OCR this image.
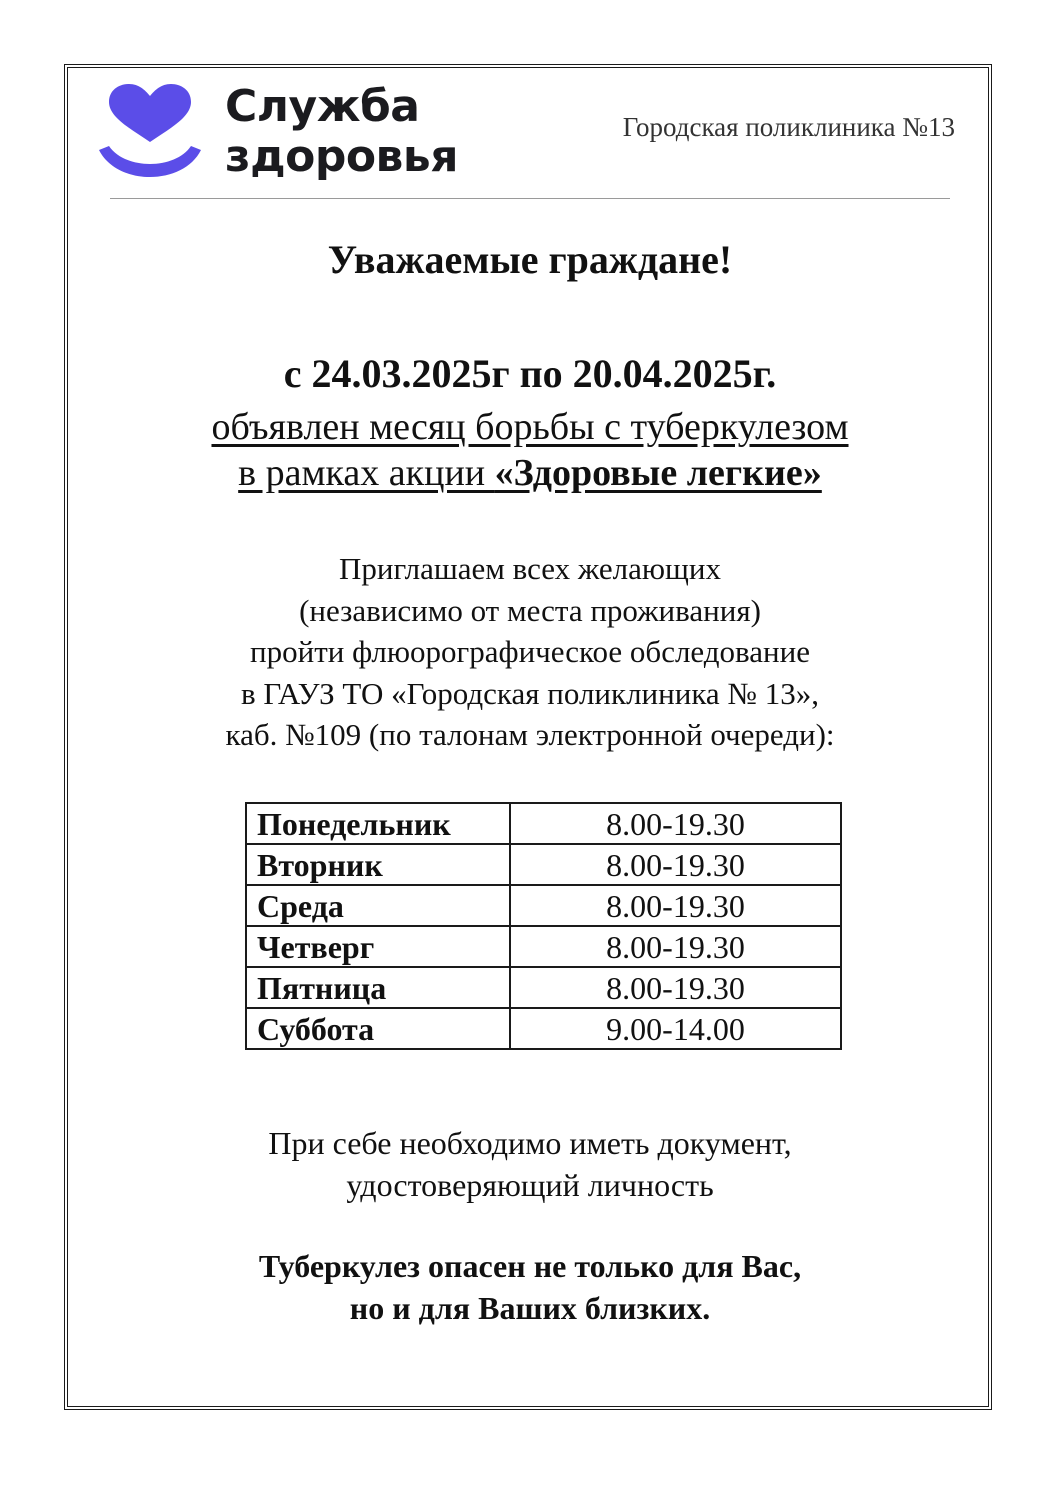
Служба
здоровья
Городская поликлиника №13
Уважаемые граждане!
с 24.03.2025г по 20.04.2025г.
объявлен месяц борьбы с туберкулезом
в рамках акции «Здоровые легкие»
Приглашаем всех желающих
(независимо от места проживания)
пройти флюорографическое обследование
в ГАУЗ ТО «Городская поликлиника № 13»,
каб. №109 (по талонам электронной очереди):
Понедельник	8.00-19.30
Вторник	8.00-19.30
Среда	8.00-19.30
Четверг	8.00-19.30
Пятница	8.00-19.30
Суббота	9.00-14.00
При себе необходимо иметь документ,
удостоверяющий личность
Туберкулез опасен не только для Вас,
но и для Ваших близких.
